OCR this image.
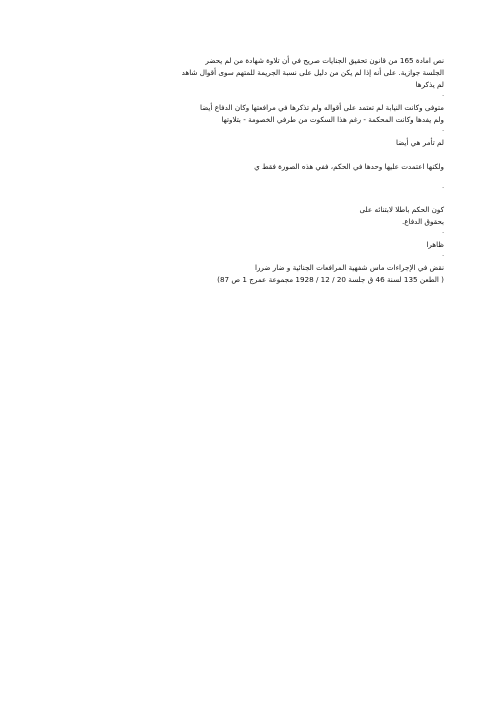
نص امادة 165 من قانون تحقيق الجنايات صريح في أن تلاوة شهادة من لم يحضر

الجلسة جوازية. على أنه إذا لم يكن من دليل على نسبة الجريمة للمتهم سوى أقوال شاهد

لم يذكرها

.

متوفى وكانت النيابة لم تعتمد على أقواله ولم تذكرها في مرافعتها وكان الدفاع أيضا

ولم يفدها وكانت المحكمة - رغم هذا السكوت من طرفي الخصومة - بتلاوتها

.

لم تأمر هي أيضا

ولكنها اعتمدت عليها وحدها في الحكم، ففي هذه الصورة فقط ي

.

كون الحكم باطلا لابتنائه على

بحقوق الدفاع.

.

ظاهرا

.

نقض في الإجراءات ماس شفهية المرافعات الجنائية و ضار ضررا

( الطعن 135 لسنة 46 ق جلسة 20 / 12 / 1928 مجموعة عمرج 1 ص 87)
